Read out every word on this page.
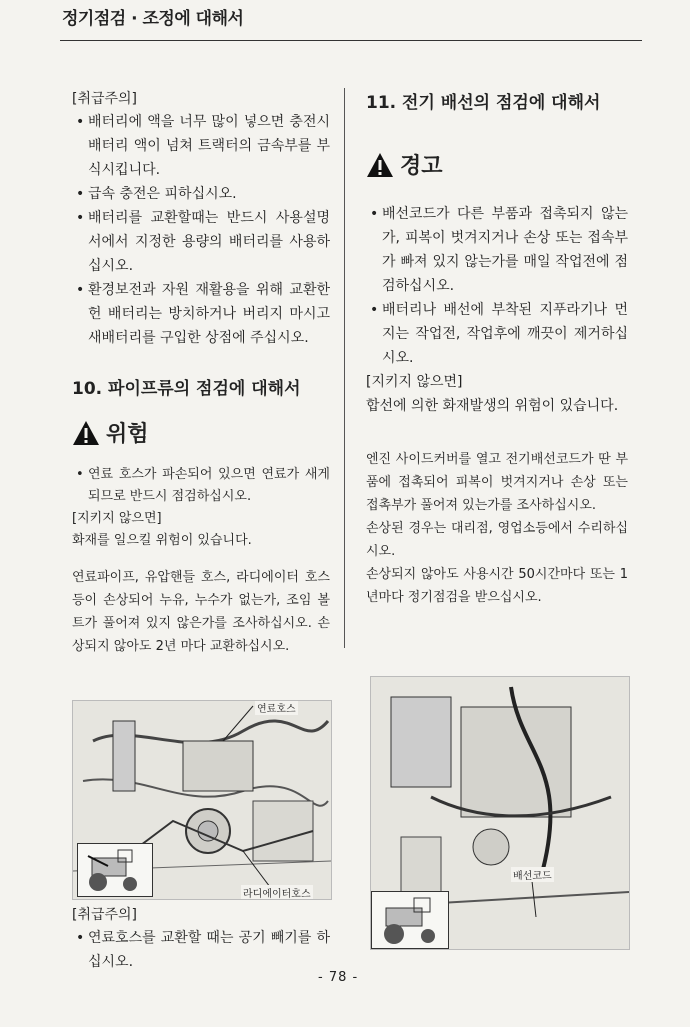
정기점검 · 조정에 대해서

[취급주의]

• 배터리에 액을 너무 많이 넣으면 충전시 배터리 액이 넘쳐 트랙터의 금속부를 부식시킵니다.

• 급속 충전은 피하십시오.

• 배터리를 교환할때는 반드시 사용설명서에서 지정한 용량의 배터리를 사용하십시오.

• 환경보전과 자원 재활용을 위해 교환한 헌 배터리는 방치하거나 버리지 마시고 새배터리를 구입한 상점에 주십시오.

10. 파이프류의 점검에 대해서

위험

• 연료 호스가 파손되어 있으면 연료가 새게 되므로 반드시 점검하십시오.

[지키지 않으면]

화재를 일으킬 위험이 있습니다.

연료파이프, 유압핸들 호스, 라디에이터 호스 등이 손상되어 누유, 누수가 없는가, 조임 볼트가 풀어져 있지 않은가를 조사하십시오. 손상되지 않아도 2년 마다 교환하십시오.

연료호스
라디에이터호스

[취급주의]

• 연료호스를 교환할 때는 공기 빼기를 하십시오.

11. 전기 배선의 점검에 대해서

경고

• 배선코드가 다른 부품과 접촉되지 않는가, 피복이 벗겨지거나 손상 또는 접속부가 빠져 있지 않는가를 매일 작업전에 점검하십시오.

• 배터리나 배선에 부착된 지푸라기나 먼지는 작업전, 작업후에 깨끗이 제거하십시오.

[지키지 않으면]

합선에 의한 화재발생의 위험이 있습니다.

엔진 사이드커버를 열고 전기배선코드가 딴 부품에 접촉되어 피복이 벗겨지거나 손상 또는 접촉부가 풀어져 있는가를 조사하십시오.

손상된 경우는 대리점, 영업소등에서 수리하십시오.

손상되지 않아도 사용시간 50시간마다 또는 1년마다 정기점검을 받으십시오.

배선코드
- 78 -
